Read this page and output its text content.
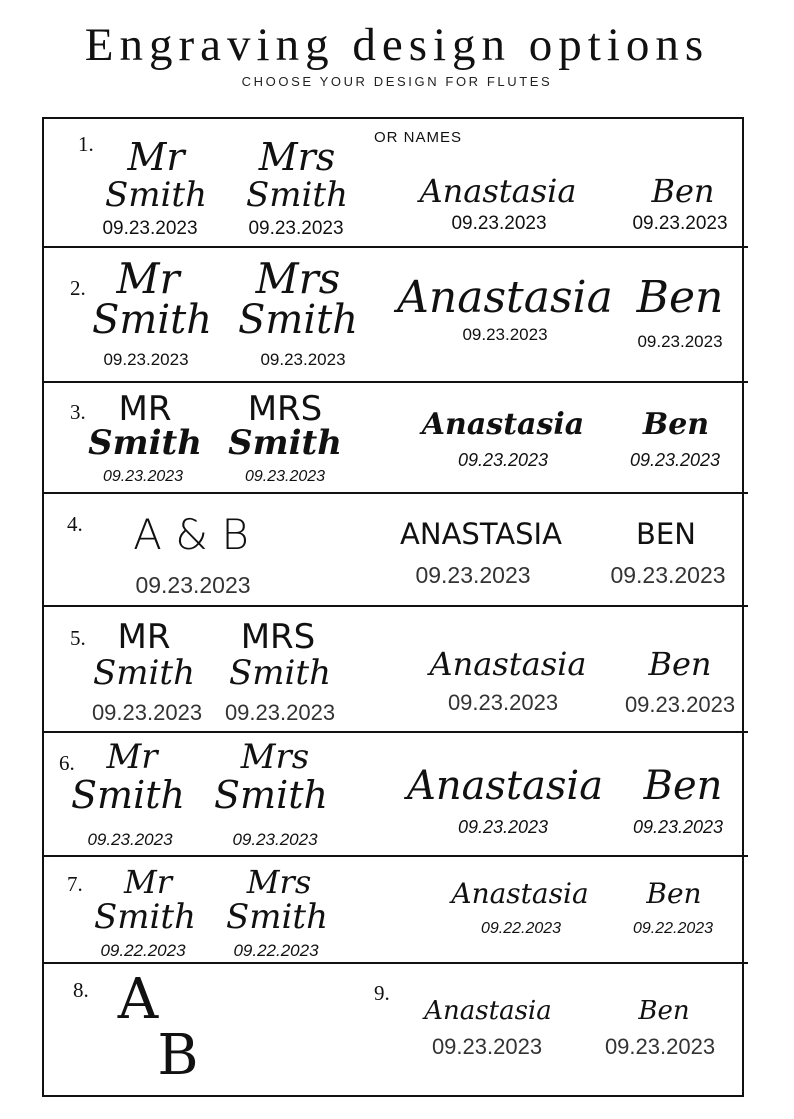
Engraving design options
CHOOSE YOUR DESIGN FOR FLUTES
OR NAMES
1. Mr
Smith
09.23.2023
Mrs
Smith
09.23.2023
Anastasia
09.23.2023
Ben
09.23.2023
2. Mr
Smith
09.23.2023
Mrs
Smith
09.23.2023
Anastasia
09.23.2023
Ben
09.23.2023
3. MR
Smith
09.23.2023
MRS
Smith
09.23.2023
Anastasia
09.23.2023
Ben
09.23.2023
4. A & B
09.23.2023
ANASTASIA
09.23.2023
BEN
09.23.2023
5. MR
Smith
09.23.2023
MRS
Smith
09.23.2023
Anastasia
09.23.2023
Ben
09.23.2023
6. Mr
Smith
09.23.2023
Mrs
Smith
09.23.2023
Anastasia
09.23.2023
Ben
09.23.2023
7. Mr
Smith
09.22.2023
Mrs
Smith
09.22.2023
Anastasia
09.22.2023
Ben
09.22.2023
8. A
B
9.
Anastasia
09.23.2023
Ben
09.23.2023
